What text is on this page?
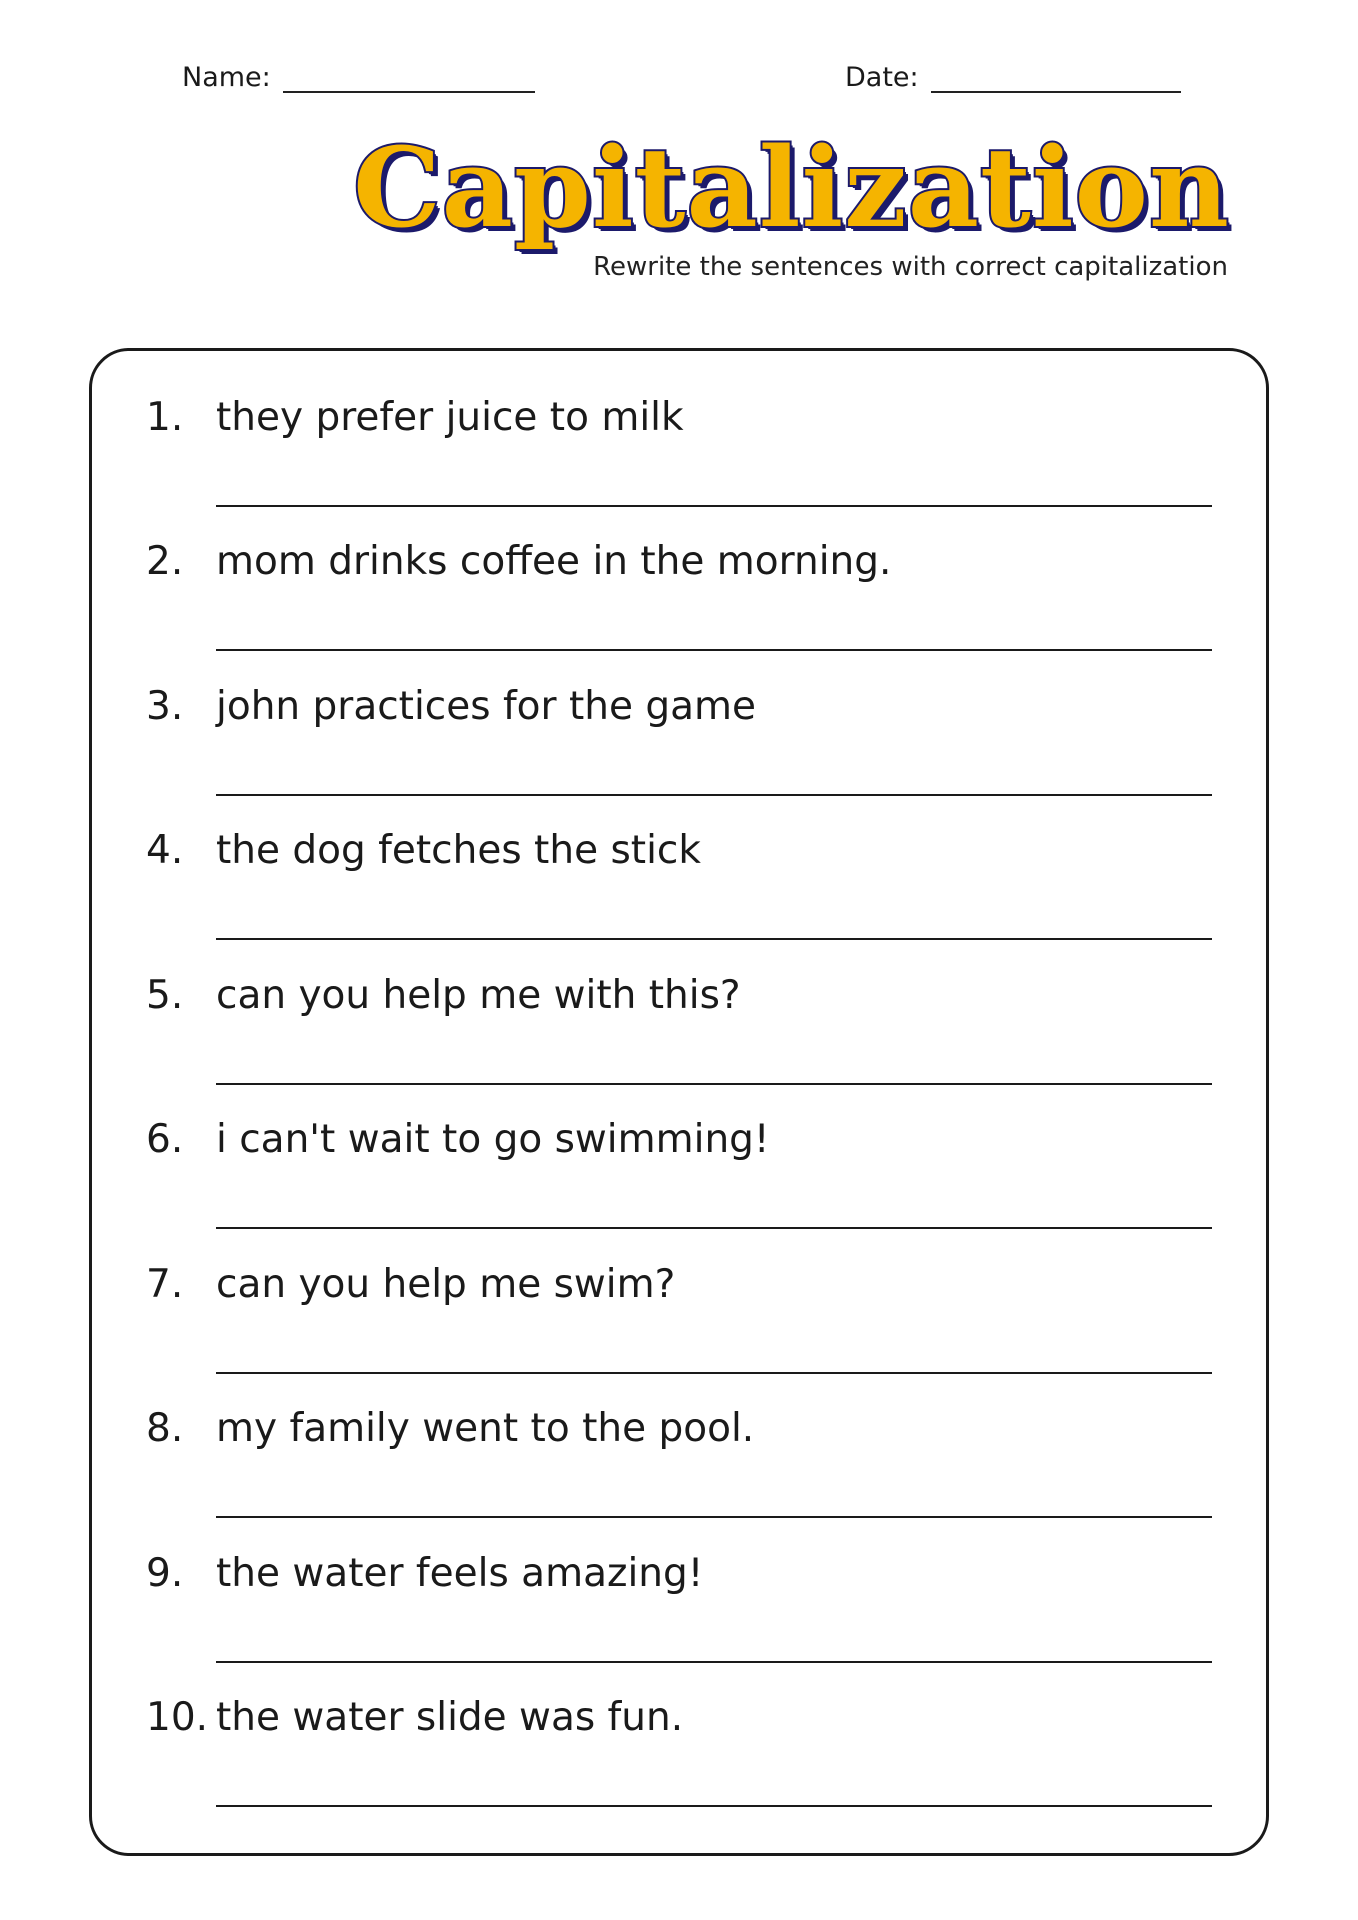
Name:	Date:
Capitalization
Rewrite the sentences with correct capitalization
1. they prefer juice to milk
2. mom drinks coffee in the morning.
3. john practices for the game
4. the dog fetches the stick
5. can you help me with this?
6. i can't wait to go swimming!
7. can you help me swim?
8. my family went to the pool.
9. the water feels amazing!
10. the water slide was fun.
